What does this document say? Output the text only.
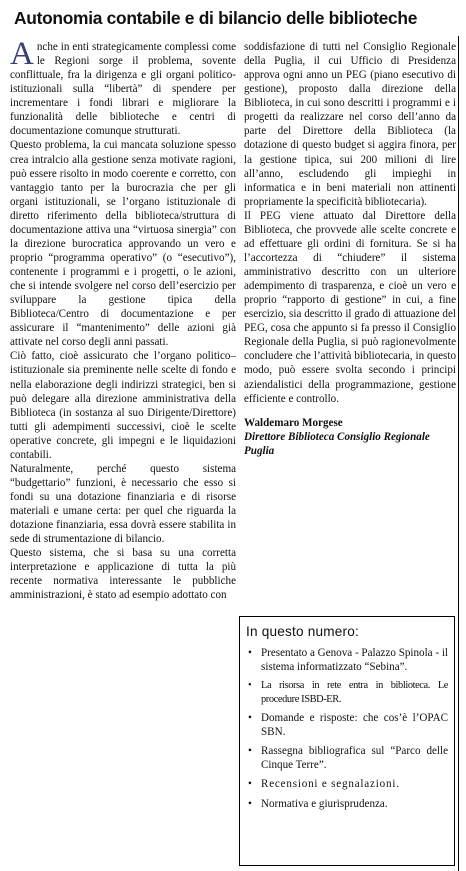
Autonomia contabile e di bilancio delle biblioteche

Anche in enti strategicamente complessi come le Regioni sorge il problema, sovente conflittuale, fra la dirigenza e gli organi politico-istituzionali sulla “libertà” di spendere per incrementare i fondi librari e migliorare la funzionalità delle biblioteche e centri di documentazione comunque strutturati.

Questo problema, la cui mancata soluzione spesso crea intralcio alla gestione senza motivate ragioni, può essere risolto in modo coerente e corretto, con vantaggio tanto per la burocrazia che per gli organi istituzionali, se l’organo istituzionale di diretto riferimento della biblioteca/struttura di documentazione attiva una “virtuosa sinergia” con la direzione burocratica approvando un vero e proprio “programma operativo” (o “esecutivo”), contenente i programmi e i progetti, o le azioni, che si intende svolgere nel corso dell’esercizio per sviluppare la gestione tipica della Biblioteca/Centro di documentazione e per assicurare il “mantenimento” delle azioni già attivate nel corso degli anni passati.

Ciò fatto, cioè assicurato che l’organo politico–istituzionale sia preminente nelle scelte di fondo e nella elaborazione degli indirizzi strategici, ben si può delegare alla direzione amministrativa della Biblioteca (in sostanza al suo Dirigente/Direttore) tutti gli adempimenti successivi, cioè le scelte operative concrete, gli impegni e le liquidazioni contabili.

Naturalmente, perché questo sistema “budgettario” funzioni, è necessario che esso si fondi su una dotazione finanziaria e di risorse materiali e umane certa: per quel che riguarda la dotazione finanziaria, essa dovrà essere stabilita in sede di strumentazione di bilancio.

Questo sistema, che si basa su una corretta interpretazione e applicazione di tutta la più recente normativa interessante le pubbliche amministrazioni, è stato ad esempio adottato con

soddisfazione di tutti nel Consiglio Regionale della Puglia, il cui Ufficio di Presidenza approva ogni anno un PEG (piano esecutivo di gestione), proposto dalla direzione della Biblioteca, in cui sono descritti i programmi e i progetti da realizzare nel corso dell’anno da parte del Direttore della Biblioteca (la dotazione di questo budget si aggira finora, per la gestione tipica, sui 200 milioni di lire all’anno, escludendo gli impieghi in informatica e in beni materiali non attinenti propriamente la specificità bibliotecaria).

Il PEG viene attuato dal Direttore della Biblioteca, che provvede alle scelte concrete e ad effettuare gli ordini di fornitura. Se si ha l’accortezza di “chiudere” il sistema amministrativo descritto con un ulteriore adempimento di trasparenza, e cioè un vero e proprio “rapporto di gestione” in cui, a fine esercizio, sia descritto il grado di attuazione del PEG, cosa che appunto si fa presso il Consiglio Regionale della Puglia, si può ragionevolmente concludere che l’attività bibliotecaria, in questo modo, può essere svolta secondo i principi aziendalistici della programmazione, gestione efficiente e controllo.

Waldemaro Morgese

Direttore Biblioteca Consiglio Regionale Puglia

In questo numero:
• Presentato a Genova - Palazzo Spinola - il sistema informatizzato “Sebina”.
• La risorsa in rete entra in biblioteca. Le procedure ISBD-ER.
• Domande e risposte: che cos’è l’OPAC SBN.
• Rassegna bibliografica sul “Parco delle Cinque Terre”.
• Recensioni e segnalazioni.
• Normativa e giurisprudenza.
